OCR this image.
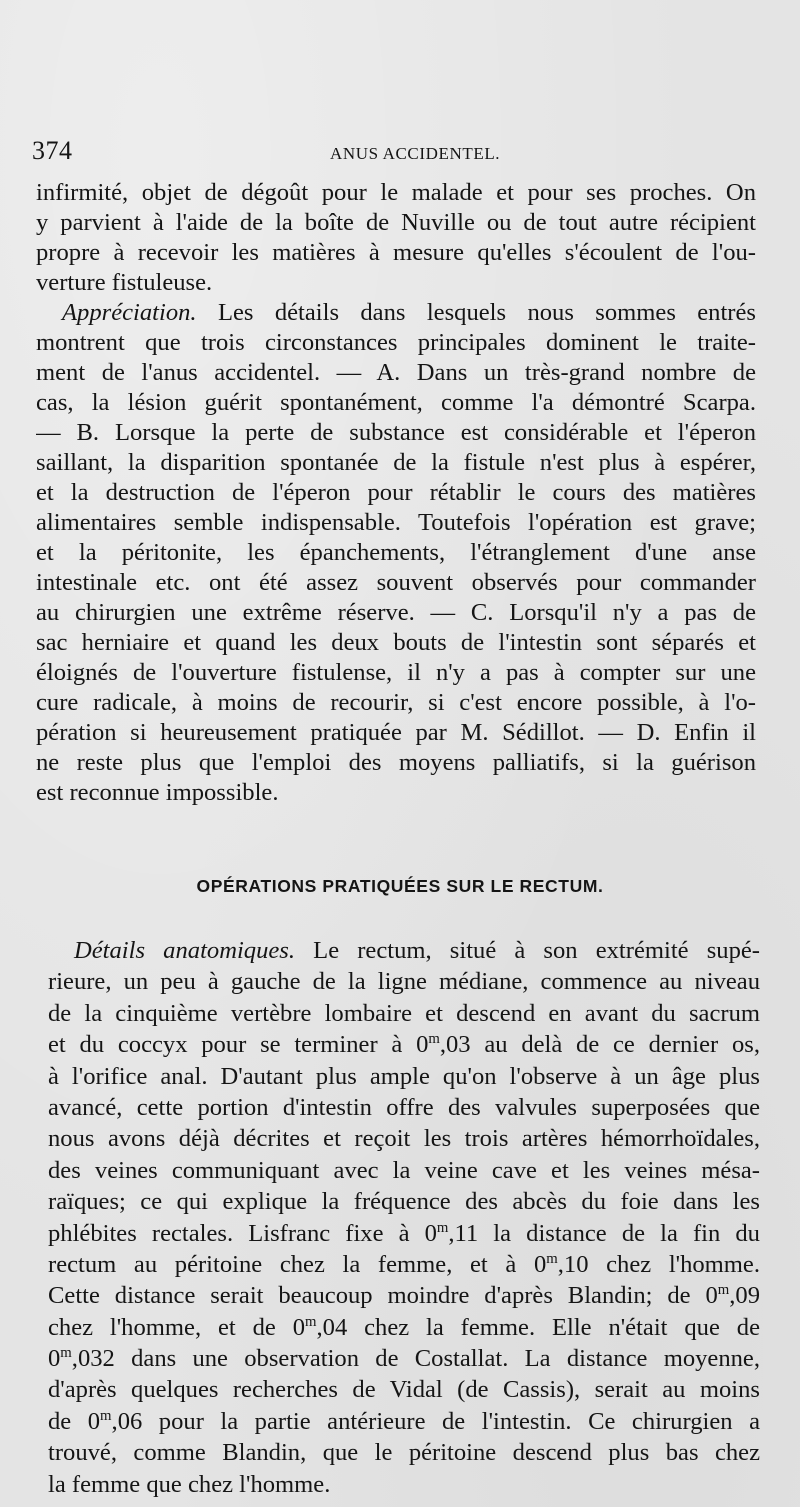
374	ANUS ACCIDENTEL.
infirmité, objet de dégoût pour le malade et pour ses proches. On
y parvient à l'aide de la boîte de Nuville ou de tout autre récipient
propre à recevoir les matières à mesure qu'elles s'écoulent de l'ou-
verture fistuleuse.
Appréciation. Les détails dans lesquels nous sommes entrés
montrent que trois circonstances principales dominent le traite-
ment de l'anus accidentel. — A. Dans un très-grand nombre de
cas, la lésion guérit spontanément, comme l'a démontré Scarpa.
— B. Lorsque la perte de substance est considérable et l'éperon
saillant, la disparition spontanée de la fistule n'est plus à espérer,
et la destruction de l'éperon pour rétablir le cours des matières
alimentaires semble indispensable. Toutefois l'opération est grave;
et la péritonite, les épanchements, l'étranglement d'une anse
intestinale etc. ont été assez souvent observés pour commander
au chirurgien une extrême réserve. — C. Lorsqu'il n'y a pas de
sac herniaire et quand les deux bouts de l'intestin sont séparés et
éloignés de l'ouverture fistulense, il n'y a pas à compter sur une
cure radicale, à moins de recourir, si c'est encore possible, à l'o-
pération si heureusement pratiquée par M. Sédillot. — D. Enfin il
ne reste plus que l'emploi des moyens palliatifs, si la guérison
est reconnue impossible.
OPÉRATIONS PRATIQUÉES SUR LE RECTUM.
Détails anatomiques. Le rectum, situé à son extrémité supé-
rieure, un peu à gauche de la ligne médiane, commence au niveau
de la cinquième vertèbre lombaire et descend en avant du sacrum
et du coccyx pour se terminer à 0$^m$,03 au delà de ce dernier os,
à l'orifice anal. D'autant plus ample qu'on l'observe à un âge plus
avancé, cette portion d'intestin offre des valvules superposées que
nous avons déjà décrites et reçoit les trois artères hémorrhoïdales,
des veines communiquant avec la veine cave et les veines mésa-
raïques; ce qui explique la fréquence des abcès du foie dans les
phlébites rectales. Lisfranc fixe à 0$^m$,11 la distance de la fin du
rectum au péritoine chez la femme, et à 0$^m$,10 chez l'homme.
Cette distance serait beaucoup moindre d'après Blandin; de 0$^m$,09
chez l'homme, et de 0$^m$,04 chez la femme. Elle n'était que de
0$^m$,032 dans une observation de Costallat. La distance moyenne,
d'après quelques recherches de Vidal (de Cassis), serait au moins
de 0$^m$,06 pour la partie antérieure de l'intestin. Ce chirurgien a
trouvé, comme Blandin, que le péritoine descend plus bas chez
la femme que chez l'homme.
